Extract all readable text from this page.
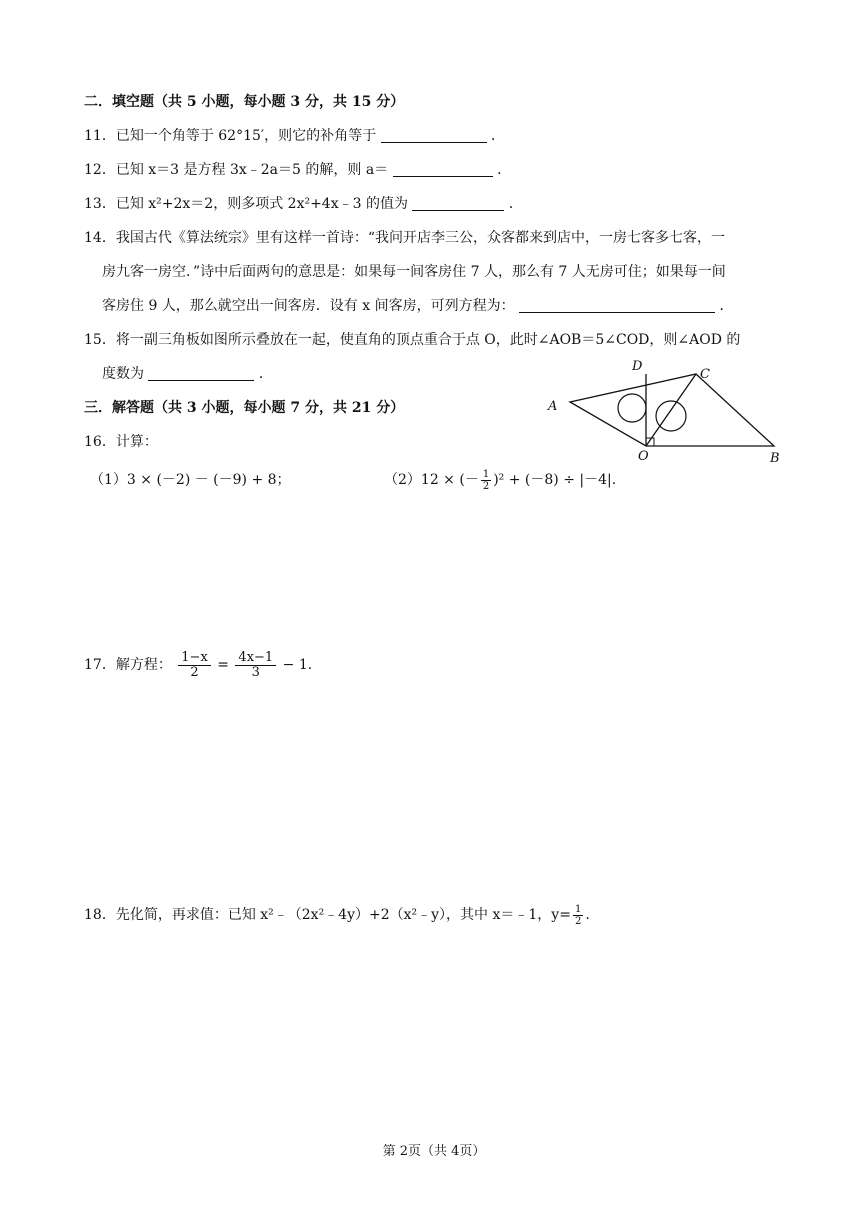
二．填空题（共 5 小题，每小题 3 分，共 15 分）
11．已知一个角等于 62°15′，则它的补角等于	．
12．已知 x＝3 是方程 3x﹣2a＝5 的解，则 a＝	．
13．已知 x²+2x＝2，则多项式 2x²+4x﹣3 的值为	．
14．我国古代《算法统宗》里有这样一首诗：“我问开店李三公，众客都来到店中，一房七客多七客，一
房九客一房空．”诗中后面两句的意思是：如果每一间客房住 7 人，那么有 7 人无房可住；如果每一间
客房住 9 人，那么就空出一间客房．设有 x 间客房，可列方程为：	．
15．将一副三角板如图所示叠放在一起，使直角的顶点重合于点 O，此时∠AOB＝5∠COD，则∠AOD 的
度数为	．
A
B
C
D
O
三．解答题（共 3 小题，每小题 7 分，共 21 分）
16．计算：
（1）3 × (－2) － (－9) + 8；	（2）12 × (－ $\frac{1}{2} )^2 + (-8) \div |-4|$.
17．解方程： $\frac{1-x}{2} = \frac{4x-1}{3} - 1$．
18．先化简，再求值：已知 x²﹣（2x²﹣4y）+2（x²﹣y），其中 x＝﹣1，$y= \frac{1}{2}$ .
第 2页（共 4页）
